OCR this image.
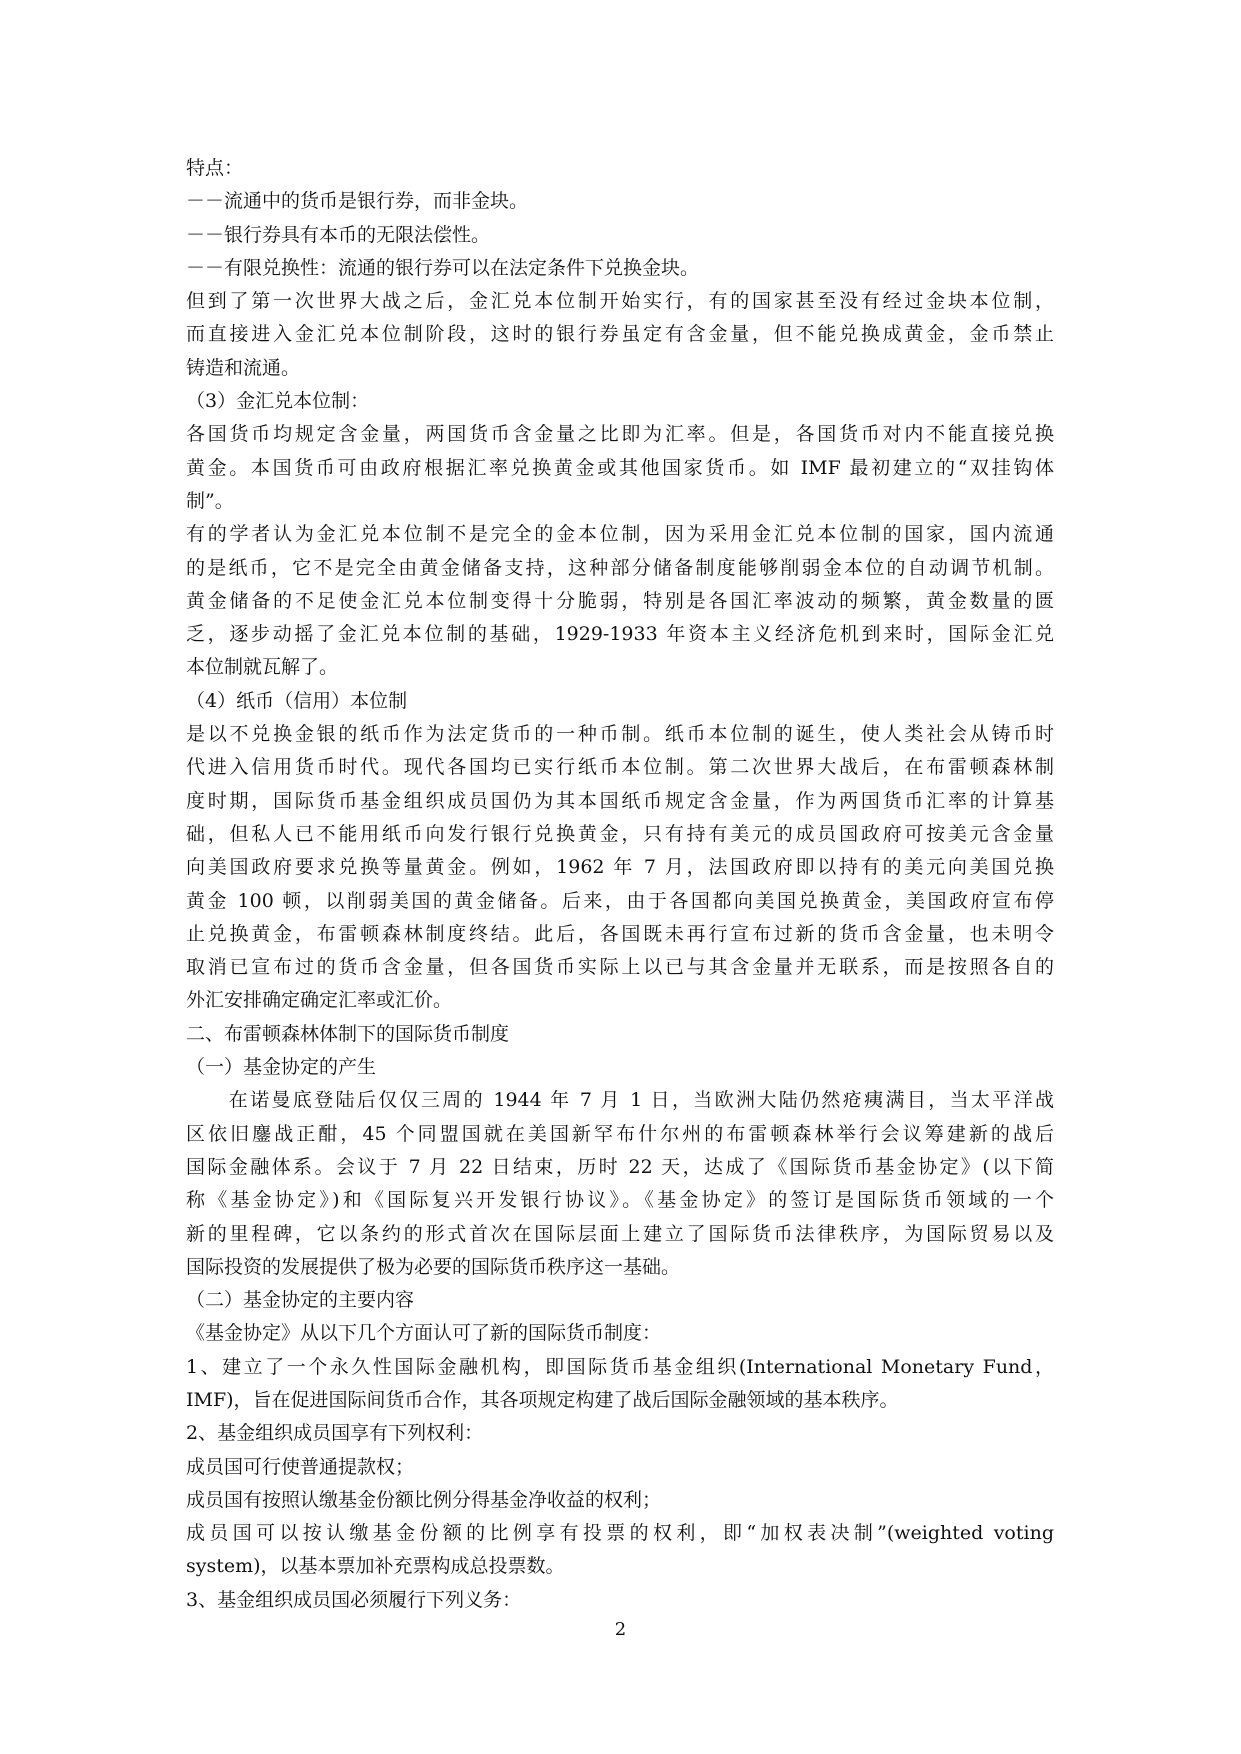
特点：
－－流通中的货币是银行券，而非金块。
－－银行券具有本币的无限法偿性。
－－有限兑换性：流通的银行券可以在法定条件下兑换金块。
但到了第一次世界大战之后，金汇兑本位制开始实行，有的国家甚至没有经过金块本位制，
而直接进入金汇兑本位制阶段，这时的银行券虽定有含金量，但不能兑换成黄金，金币禁止
铸造和流通。
（3）金汇兑本位制：
各国货币均规定含金量，两国货币含金量之比即为汇率。但是，各国货币对内不能直接兑换
黄金。本国货币可由政府根据汇率兑换黄金或其他国家货币。如 IMF 最初建立的“双挂钩体
制”。
有的学者认为金汇兑本位制不是完全的金本位制，因为采用金汇兑本位制的国家，国内流通
的是纸币，它不是完全由黄金储备支持，这种部分储备制度能够削弱金本位的自动调节机制。
黄金储备的不足使金汇兑本位制变得十分脆弱，特别是各国汇率波动的频繁，黄金数量的匮
乏，逐步动摇了金汇兑本位制的基础，1929-1933 年资本主义经济危机到来时，国际金汇兑
本位制就瓦解了。
（4）纸币（信用）本位制
是以不兑换金银的纸币作为法定货币的一种币制。纸币本位制的诞生，使人类社会从铸币时
代进入信用货币时代。现代各国均已实行纸币本位制。第二次世界大战后，在布雷顿森林制
度时期，国际货币基金组织成员国仍为其本国纸币规定含金量，作为两国货币汇率的计算基
础，但私人已不能用纸币向发行银行兑换黄金，只有持有美元的成员国政府可按美元含金量
向美国政府要求兑换等量黄金。例如，1962 年 7 月，法国政府即以持有的美元向美国兑换
黄金 100 顿，以削弱美国的黄金储备。后来，由于各国都向美国兑换黄金，美国政府宣布停
止兑换黄金，布雷顿森林制度终结。此后，各国既未再行宣布过新的货币含金量，也未明令
取消已宣布过的货币含金量，但各国货币实际上以已与其含金量并无联系，而是按照各自的
外汇安排确定确定汇率或汇价。
二、布雷顿森林体制下的国际货币制度
（一）基金协定的产生
　　在诺曼底登陆后仅仅三周的 1944 年 7 月 1 日，当欧洲大陆仍然疮痍满目，当太平洋战
区依旧鏖战正酣，45 个同盟国就在美国新罕布什尔州的布雷顿森林举行会议筹建新的战后
国际金融体系。会议于 7 月 22 日结束，历时 22 天，达成了《国际货币基金协定》(以下简
称《基金协定》)和《国际复兴开发银行协议》。《基金协定》的签订是国际货币领域的一个
新的里程碑，它以条约的形式首次在国际层面上建立了国际货币法律秩序，为国际贸易以及
国际投资的发展提供了极为必要的国际货币秩序这一基础。
（二）基金协定的主要内容
《基金协定》从以下几个方面认可了新的国际货币制度：
1、建立了一个永久性国际金融机构，即国际货币基金组织(International Monetary Fund，
IMF)，旨在促进国际间货币合作，其各项规定构建了战后国际金融领域的基本秩序。
2、基金组织成员国享有下列权利：
成员国可行使普通提款权；
成员国有按照认缴基金份额比例分得基金净收益的权利；
成员国可以按认缴基金份额的比例享有投票的权利，即“加权表决制”(weighted voting
system)，以基本票加补充票构成总投票数。
3、基金组织成员国必须履行下列义务：
2
